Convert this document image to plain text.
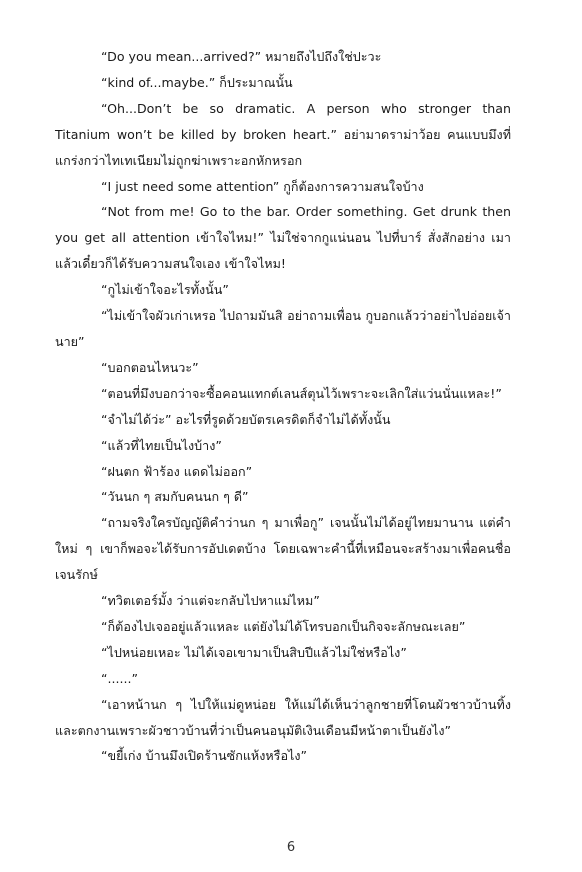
“Do you mean...arrived?” หมายถึงไปถึงใช่ปะวะ

“kind of...maybe.” ก็ประมาณนั้น

“Oh...Don’t be so dramatic. A person who stronger than Titanium won’t be killed by broken heart.” อย่ามาดราม่าว้อย คนแบบมึงที่แกร่งกว่าไทเทเนียมไม่ถูกฆ่าเพราะอกหักหรอก

“I just need some attention” กูก็ต้องการความสนใจบ้าง

“Not from me! Go to the bar. Order something. Get drunk then you get all attention เข้าใจไหม!” ไม่ใช่จากกูแน่นอน ไปที่บาร์ สั่งสักอย่าง เมาแล้วเดี๋ยวก็ได้รับความสนใจเอง เข้าใจไหม!

“กูไม่เข้าใจอะไรทั้งนั้น”

“ไม่เข้าใจผัวเก่าเหรอ ไปถามมันสิ อย่าถามเพื่อน กูบอกแล้วว่าอย่าไปอ่อยเจ้านาย”

“บอกตอนไหนวะ”

“ตอนที่มึงบอกว่าจะซื้อคอนแทกต์เลนส์ตุนไว้เพราะจะเลิกใส่แว่นนั่นแหละ!”

“จำไม่ได้ว่ะ” อะไรที่รูดด้วยบัตรเครดิตก็จำไม่ได้ทั้งนั้น

“แล้วที่ไทยเป็นไงบ้าง”

“ฝนตก ฟ้าร้อง แดดไม่ออก”

“วันนก ๆ สมกับคนนก ๆ ดี”

“ถามจริงใครบัญญัติคำว่านก ๆ มาเพื่อกู” เจนนั้นไม่ได้อยู่ไทยมานาน แต่คำใหม่ ๆ เขาก็พอจะได้รับการอัปเดตบ้าง โดยเฉพาะคำนี้ที่เหมือนจะสร้างมาเพื่อคนชื่อเจนรักษ์

“ทวิตเตอร์มั้ง ว่าแต่จะกลับไปหาแม่ไหม”

“ก็ต้องไปเจออยู่แล้วแหละ แต่ยังไม่ได้โทรบอกเป็นกิจจะลักษณะเลย”

“ไปหน่อยเหอะ ไม่ได้เจอเขามาเป็นสิบปีแล้วไม่ใช่หรือไง”

“......”

“เอาหน้านก ๆ ไปให้แม่ดูหน่อย ให้แม่ได้เห็นว่าลูกชายที่โดนผัวชาวบ้านทิ้ง และตกงานเพราะผัวชาวบ้านที่ว่าเป็นคนอนุมัติเงินเดือนมีหน้าตาเป็นยังไง”

“ขยี้เก่ง บ้านมึงเปิดร้านซักแห้งหรือไง”

6
